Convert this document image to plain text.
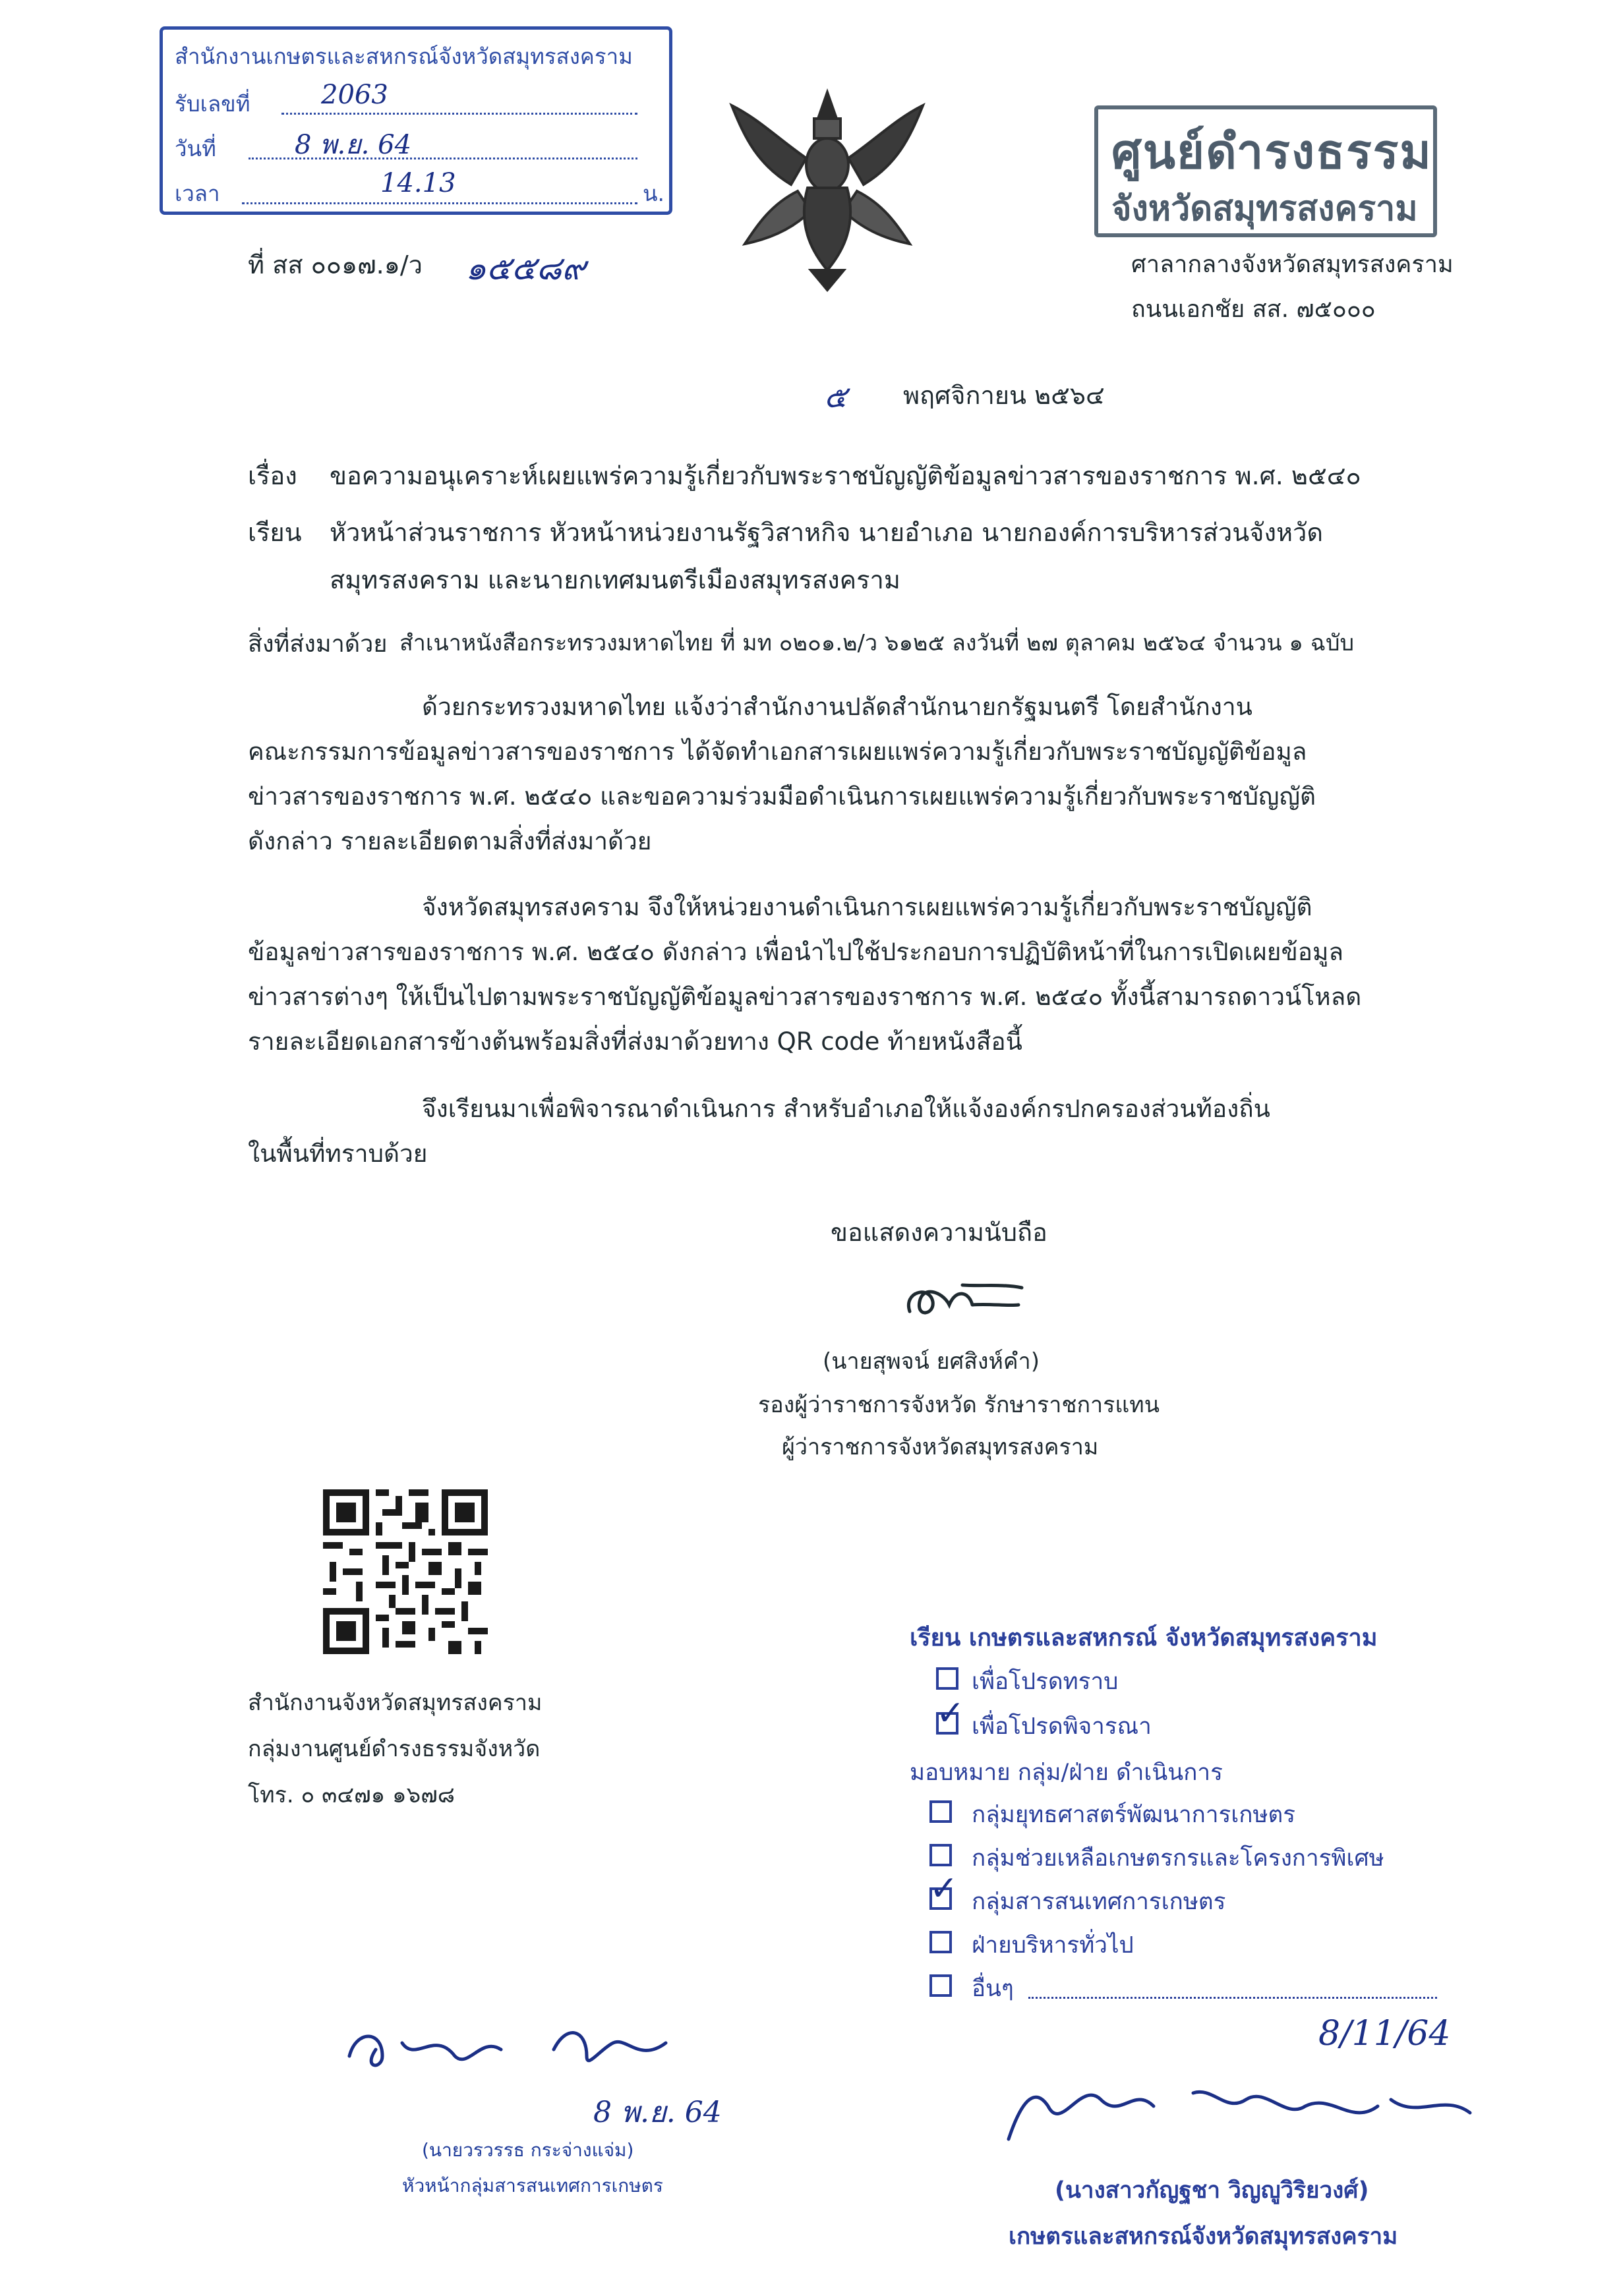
สำนักงานเกษตรและสหกรณ์จังหวัดสมุทรสงคราม
รับเลขที่	2063
วันที่	8 พ.ย. 64
เวลา	14.13	น.
ศูนย์ดำรงธรรม
จังหวัดสมุทรสงคราม
ศาลากลางจังหวัดสมุทรสงคราม
ถนนเอกชัย สส. ๗๕๐๐๐
ที่ สส ๐๐๑๗.๑/ว ๑๕๕๘๙
๕ พฤศจิกายน ๒๕๖๔
เรื่อง ขอความอนุเคราะห์เผยแพร่ความรู้เกี่ยวกับพระราชบัญญัติข้อมูลข่าวสารของราชการ พ.ศ. ๒๕๔๐
เรียน หัวหน้าส่วนราชการ หัวหน้าหน่วยงานรัฐวิสาหกิจ นายอำเภอ นายกองค์การบริหารส่วนจังหวัด
สมุทรสงคราม และนายกเทศมนตรีเมืองสมุทรสงคราม
สิ่งที่ส่งมาด้วย สำเนาหนังสือกระทรวงมหาดไทย ที่ มท ๐๒๐๑.๒/ว ๖๑๒๕ ลงวันที่ ๒๗ ตุลาคม ๒๕๖๔ จำนวน ๑ ฉบับ
ด้วยกระทรวงมหาดไทย แจ้งว่าสำนักงานปลัดสำนักนายกรัฐมนตรี โดยสำนักงาน
คณะกรรมการข้อมูลข่าวสารของราชการ ได้จัดทำเอกสารเผยแพร่ความรู้เกี่ยวกับพระราชบัญญัติข้อมูล
ข่าวสารของราชการ พ.ศ. ๒๕๔๐ และขอความร่วมมือดำเนินการเผยแพร่ความรู้เกี่ยวกับพระราชบัญญัติ
ดังกล่าว รายละเอียดตามสิ่งที่ส่งมาด้วย
จังหวัดสมุทรสงคราม จึงให้หน่วยงานดำเนินการเผยแพร่ความรู้เกี่ยวกับพระราชบัญญัติ
ข้อมูลข่าวสารของราชการ พ.ศ. ๒๕๔๐ ดังกล่าว เพื่อนำไปใช้ประกอบการปฏิบัติหน้าที่ในการเปิดเผยข้อมูล
ข่าวสารต่างๆ ให้เป็นไปตามพระราชบัญญัติข้อมูลข่าวสารของราชการ พ.ศ. ๒๕๔๐ ทั้งนี้สามารถดาวน์โหลด
รายละเอียดเอกสารข้างต้นพร้อมสิ่งที่ส่งมาด้วยทาง QR code ท้ายหนังสือนี้
จึงเรียนมาเพื่อพิจารณาดำเนินการ สำหรับอำเภอให้แจ้งองค์กรปกครองส่วนท้องถิ่น
ในพื้นที่ทราบด้วย
ขอแสดงความนับถือ
(นายสุพจน์ ยศสิงห์คำ)
รองผู้ว่าราชการจังหวัด รักษาราชการแทน
ผู้ว่าราชการจังหวัดสมุทรสงคราม
สำนักงานจังหวัดสมุทรสงคราม
กลุ่มงานศูนย์ดำรงธรรมจังหวัด
โทร. ๐ ๓๔๗๑ ๑๖๗๘
เรียน เกษตรและสหกรณ์ จังหวัดสมุทรสงคราม
เพื่อโปรดทราบ
✓ เพื่อโปรดพิจารณา
มอบหมาย กลุ่ม/ฝ่าย ดำเนินการ
กลุ่มยุทธศาสตร์พัฒนาการเกษตร
กลุ่มช่วยเหลือเกษตรกรและโครงการพิเศษ
✓ กลุ่มสารสนเทศการเกษตร
ฝ่ายบริหารทั่วไป
อื่นๆ
8/11/64
(นางสาวกัญฐชา วิญญูวิริยวงศ์)
เกษตรและสหกรณ์จังหวัดสมุทรสงคราม
8 พ.ย. 64
(นายวรวรรธ กระจ่างแจ่ม)
หัวหน้ากลุ่มสารสนเทศการเกษตร
